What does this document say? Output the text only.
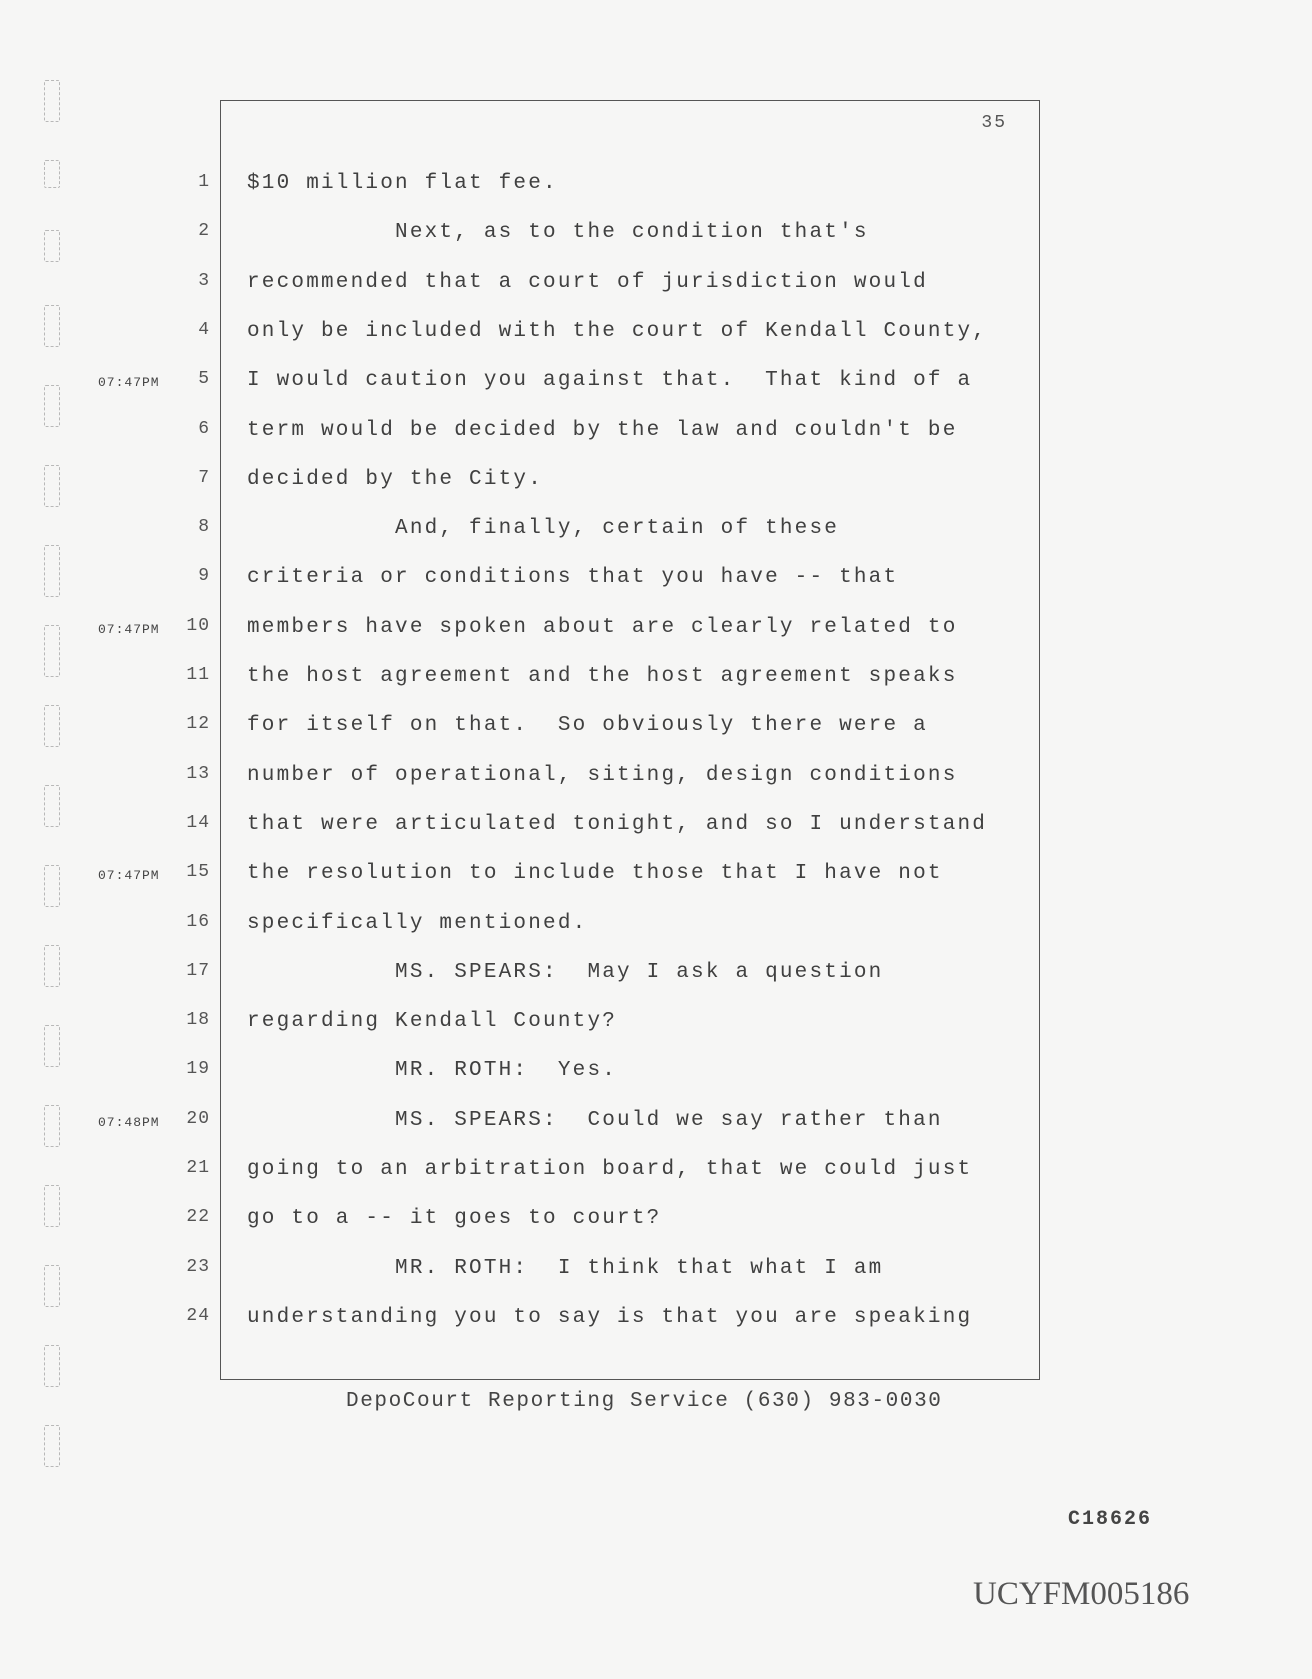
35
1 $10 million flat fee.
2 Next, as to the condition that's
3 recommended that a court of jurisdiction would
4 only be included with the court of Kendall County,
07:47PM	5 I would caution you against that.  That kind of a
6 term would be decided by the law and couldn't be
7 decided by the City.
8 And, finally, certain of these
9 criteria or conditions that you have -- that
07:47PM	10 members have spoken about are clearly related to
11 the host agreement and the host agreement speaks
12 for itself on that.  So obviously there were a
13 number of operational, siting, design conditions
14 that were articulated tonight, and so I understand
07:47PM	15 the resolution to include those that I have not
16 specifically mentioned.
17 MS. SPEARS:  May I ask a question
18 regarding Kendall County?
19 MR. ROTH:  Yes.
07:48PM	20 MS. SPEARS:  Could we say rather than
21 going to an arbitration board, that we could just
22 go to a -- it goes to court?
23 MR. ROTH:  I think that what I am
24 understanding you to say is that you are speaking
DepoCourt Reporting Service (630) 983-0030
C18626
UCYFM005186
